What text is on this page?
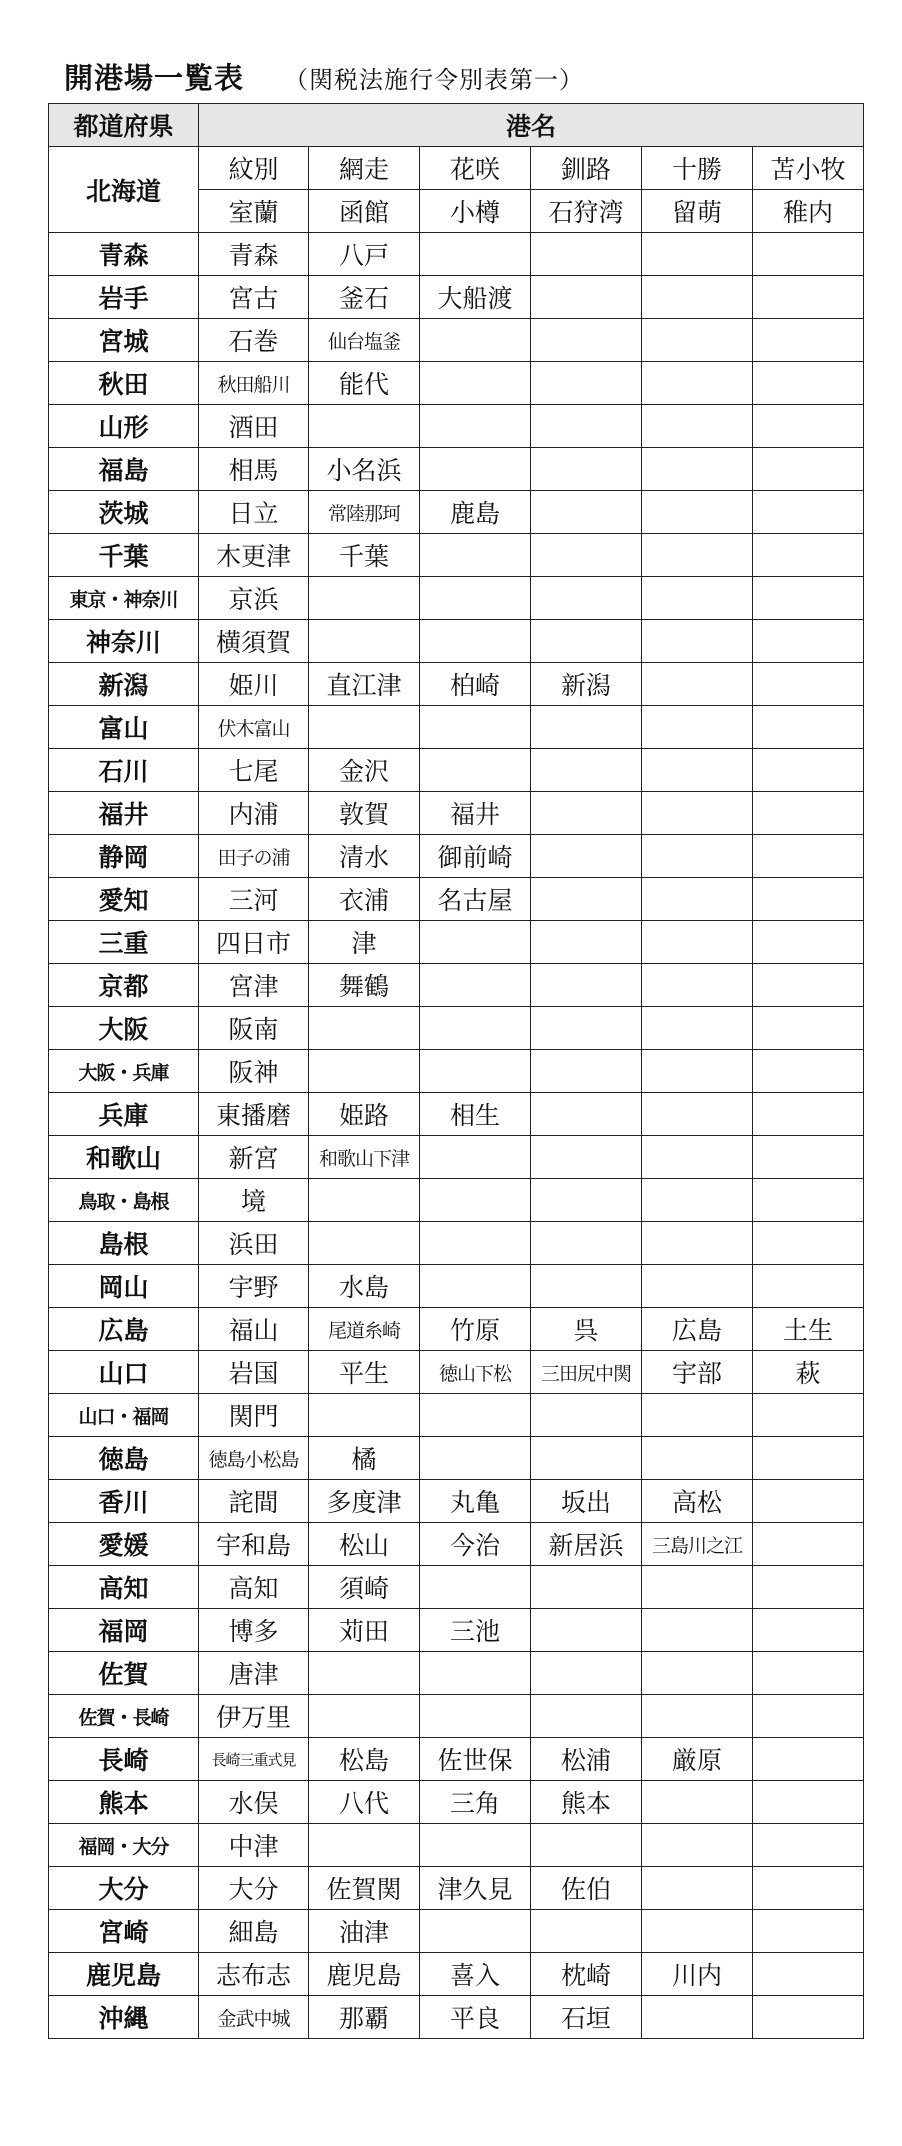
開港場一覧表 （関税法施行令別表第一）
都道府県	港名					
北海道	紋別	網走	花咲	釧路	十勝	苫小牧
	室蘭	函館	小樽	石狩湾	留萌	稚内
青森	青森	八戸				
岩手	宮古	釜石	大船渡			
宮城	石巻	仙台塩釜				
秋田	秋田船川	能代				
山形	酒田					
福島	相馬	小名浜				
茨城	日立	常陸那珂	鹿島			
千葉	木更津	千葉				
東京・神奈川	京浜					
神奈川	横須賀					
新潟	姫川	直江津	柏崎	新潟		
富山	伏木富山					
石川	七尾	金沢				
福井	内浦	敦賀	福井			
静岡	田子の浦	清水	御前崎			
愛知	三河	衣浦	名古屋			
三重	四日市	津				
京都	宮津	舞鶴				
大阪	阪南					
大阪・兵庫	阪神					
兵庫	東播磨	姫路	相生			
和歌山	新宮	和歌山下津				
鳥取・島根	境					
島根	浜田					
岡山	宇野	水島				
広島	福山	尾道糸崎	竹原	呉	広島	土生
山口	岩国	平生	徳山下松	三田尻中関	宇部	萩
山口・福岡	関門					
徳島	徳島小松島	橘				
香川	詫間	多度津	丸亀	坂出	高松	
愛媛	宇和島	松山	今治	新居浜	三島川之江	
高知	高知	須崎				
福岡	博多	苅田	三池			
佐賀	唐津					
佐賀・長崎	伊万里					
長崎	長崎三重式見	松島	佐世保	松浦	厳原	
熊本	水俣	八代	三角	熊本		
福岡・大分	中津					
大分	大分	佐賀関	津久見	佐伯		
宮崎	細島	油津				
鹿児島	志布志	鹿児島	喜入	枕崎	川内	
沖縄	金武中城	那覇	平良	石垣		
